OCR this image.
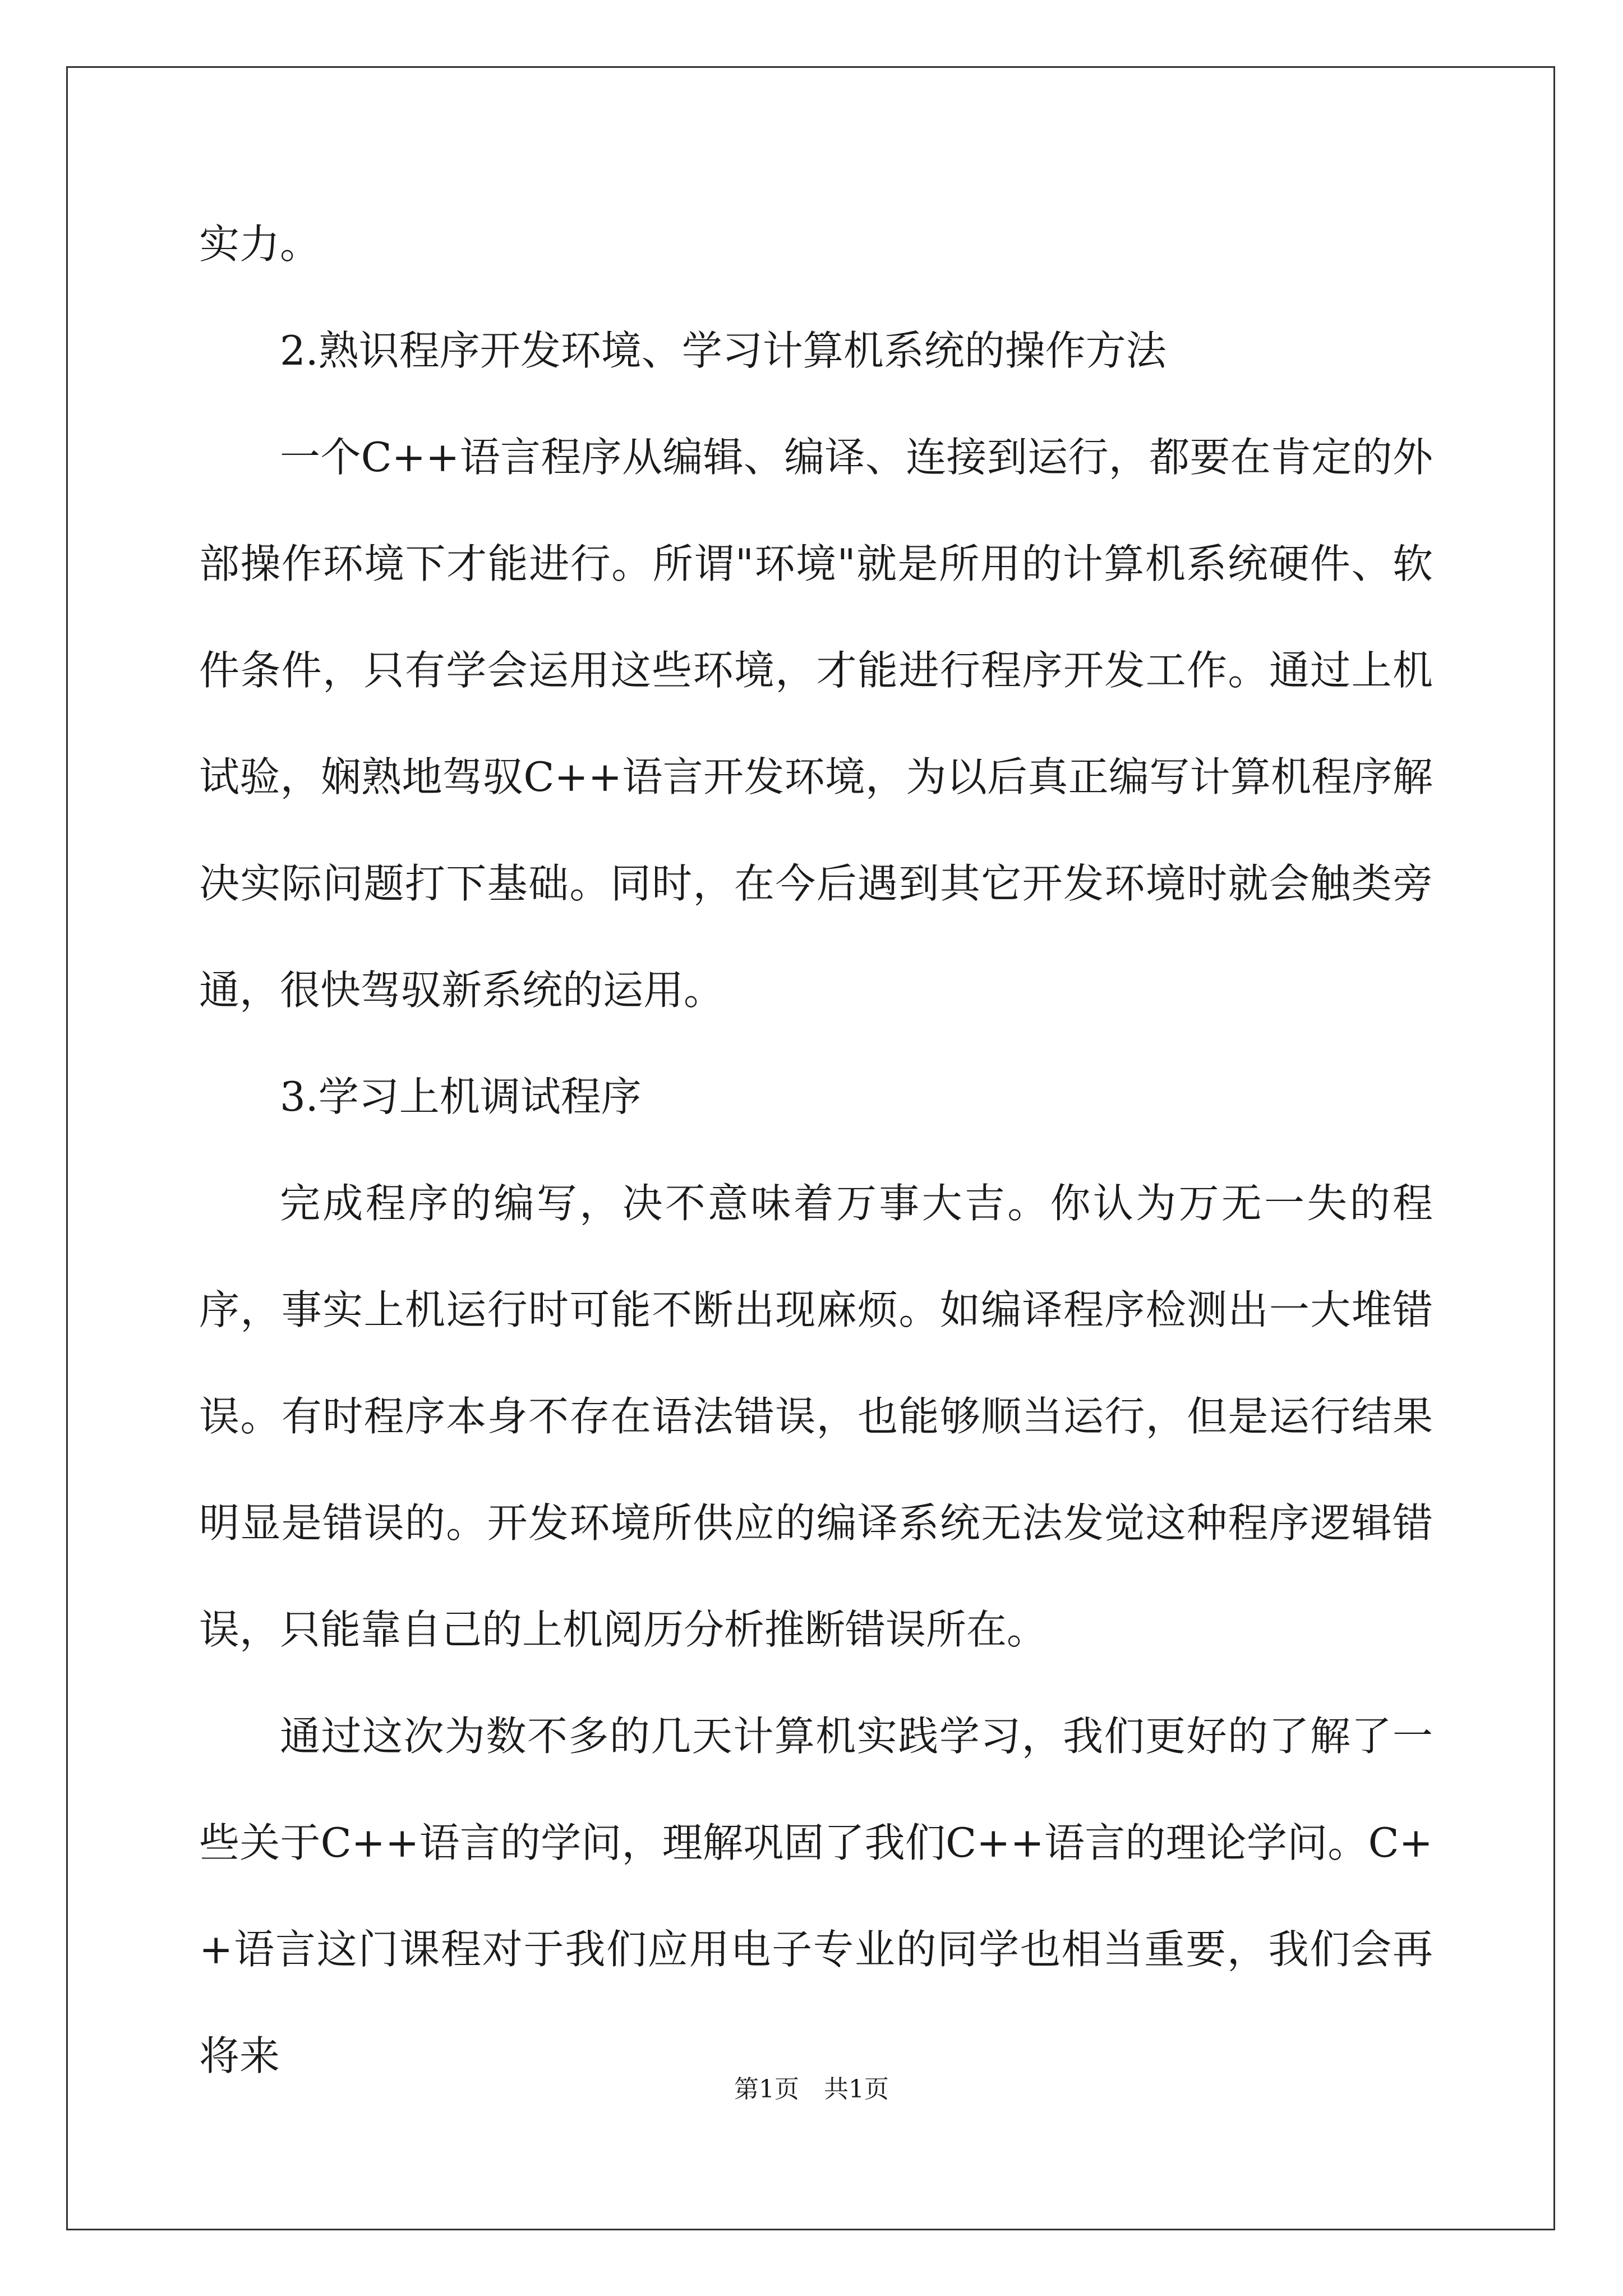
实力。

2.熟识程序开发环境、学习计算机系统的操作方法

一个C++语言程序从编辑、编译、连接到运行，都要在肯定的外部操作环境下才能进行。所谓"环境"就是所用的计算机系统硬件、软件条件，只有学会运用这些环境，才能进行程序开发工作。通过上机试验，娴熟地驾驭C++语言开发环境，为以后真正编写计算机程序解决实际问题打下基础。同时，在今后遇到其它开发环境时就会触类旁通，很快驾驭新系统的运用。

3.学习上机调试程序

完成程序的编写，决不意味着万事大吉。你认为万无一失的程序，事实上机运行时可能不断出现麻烦。如编译程序检测出一大堆错误。有时程序本身不存在语法错误，也能够顺当运行，但是运行结果明显是错误的。开发环境所供应的编译系统无法发觉这种程序逻辑错误，只能靠自己的上机阅历分析推断错误所在。

通过这次为数不多的几天计算机实践学习，我们更好的了解了一些关于C++语言的学问，理解巩固了我们C++语言的理论学问。C++语言这门课程对于我们应用电子专业的同学也相当重要，我们会再将来

第1页　共1页
